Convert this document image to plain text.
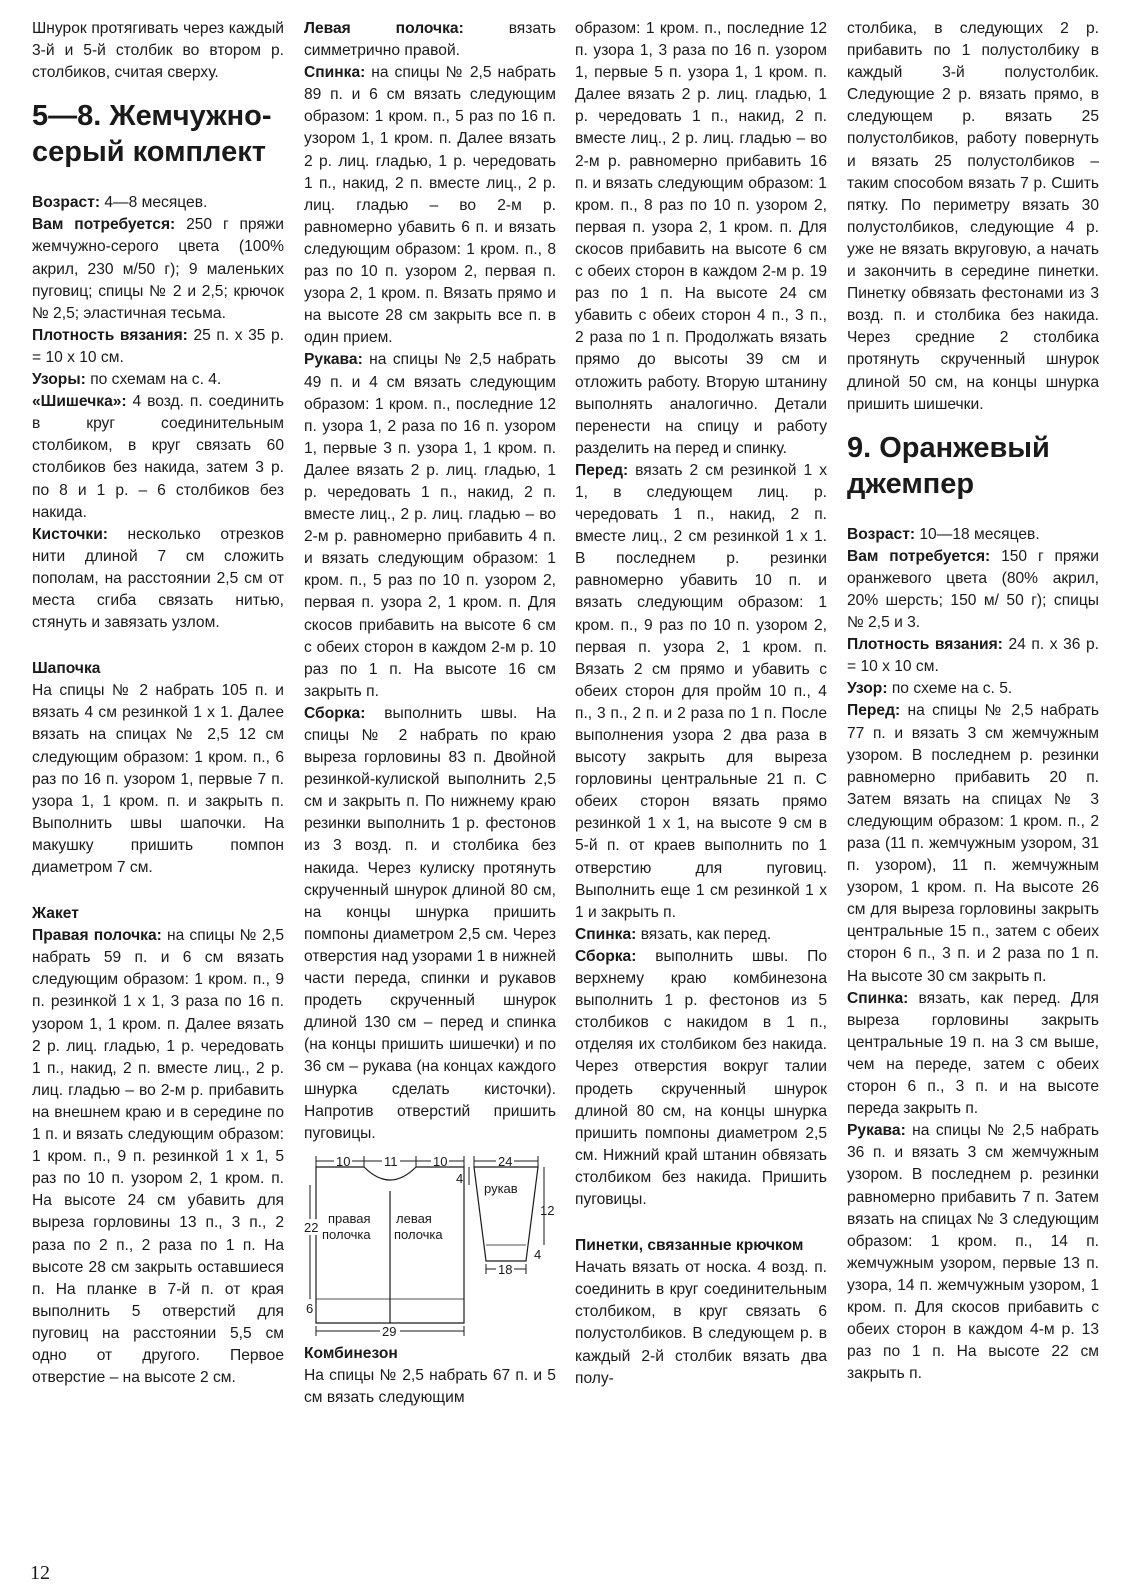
Шнурок протягивать через каждый 3-й и 5-й столбик во втором р. столбиков, считая сверху.

5—8. Жемчужно-серый комплект

Возраст: 4—8 месяцев.

Вам потребуется: 250 г пряжи жемчужно-серого цвета (100% акрил, 230 м/50 г); 9 маленьких пуговиц; спицы № 2 и 2,5; крючок № 2,5; эластичная тесьма.

Плотность вязания: 25 п. х 35 р. = 10 х 10 см.

Узоры: по схемам на с. 4.

«Шишечка»: 4 возд. п. соединить в круг соединительным столбиком, в круг связать 60 столбиков без накида, затем 3 р. по 8 и 1 р. – 6 столбиков без накида.

Кисточки: несколько отрезков нити длиной 7 см сложить пополам, на расстоянии 2,5 см от места сгиба связать нитью, стянуть и завязать узлом.

Шапочка

На спицы № 2 набрать 105 п. и вязать 4 см резинкой 1 х 1. Далее вязать на спицах № 2,5 12 см следующим образом: 1 кром. п., 6 раз по 16 п. узором 1, первые 7 п. узора 1, 1 кром. п. и закрыть п. Выполнить швы шапочки. На макушку пришить помпон диаметром 7 см.

Жакет

Правая полочка: на спицы № 2,5 набрать 59 п. и 6 см вязать следующим образом: 1 кром. п., 9 п. резинкой 1 х 1, 3 раза по 16 п. узором 1, 1 кром. п. Далее вязать 2 р. лиц. гладью, 1 р. чередовать 1 п., накид, 2 п. вместе лиц., 2 р. лиц. гладью – во 2-м р. прибавить на внешнем краю и в середине по 1 п. и вязать следующим образом: 1 кром. п., 9 п. резинкой 1 х 1, 5 раз по 10 п. узором 2, 1 кром. п. На высоте 24 см убавить для выреза горловины 13 п., 3 п., 2 раза по 2 п., 2 раза по 1 п. На высоте 28 см закрыть оставшиеся п. На планке в 7-й п. от края выполнить 5 отверстий для пуговиц на расстоянии 5,5 см одно от другого. Первое отверстие – на высоте 2 см.

Левая полочка: вязать симметрично правой.

Спинка: на спицы № 2,5 набрать 89 п. и 6 см вязать следующим образом: 1 кром. п., 5 раз по 16 п. узором 1, 1 кром. п. Далее вязать 2 р. лиц. гладью, 1 р. чередовать 1 п., накид, 2 п. вместе лиц., 2 р. лиц. гладью – во 2-м р. равномерно убавить 6 п. и вязать следующим образом: 1 кром. п., 8 раз по 10 п. узором 2, первая п. узора 2, 1 кром. п. Вязать прямо и на высоте 28 см закрыть все п. в один прием.

Рукава: на спицы № 2,5 набрать 49 п. и 4 см вязать следующим образом: 1 кром. п., последние 12 п. узора 1, 2 раза по 16 п. узором 1, первые 3 п. узора 1, 1 кром. п. Далее вязать 2 р. лиц. гладью, 1 р. чередовать 1 п., накид, 2 п. вместе лиц., 2 р. лиц. гладью – во 2-м р. равномерно прибавить 4 п. и вязать следующим образом: 1 кром. п., 5 раз по 10 п. узором 2, первая п. узора 2, 1 кром. п. Для скосов прибавить на высоте 6 см с обеих сторон в каждом 2-м р. 10 раз по 1 п. На высоте 16 см закрыть п.

Сборка: выполнить швы. На спицы № 2 набрать по краю выреза горловины 83 п. Двойной резинкой-кулиской выполнить 2,5 см и закрыть п. По нижнему краю резинки выполнить 1 р. фестонов из 3 возд. п. и столбика без накида. Через кулиску протянуть скрученный шнурок длиной 80 см, на концы шнурка пришить помпоны диаметром 2,5 см. Через отверстия над узорами 1 в нижней части переда, спинки и рукавов продеть скрученный шнурок длиной 130 см – перед и спинка (на концы пришить шишечки) и по 36 см – рукава (на концах каждого шнурка сделать кисточки). Напротив отверстий пришить пуговицы.

10	11	10
4
22
6
правая
полочка
левая
полочка
29
24
рукав
12
4
18

Комбинезон

На спицы № 2,5 набрать 67 п. и 5 см вязать следующим

образом: 1 кром. п., последние 12 п. узора 1, 3 раза по 16 п. узором 1, первые 5 п. узора 1, 1 кром. п. Далее вязать 2 р. лиц. гладью, 1 р. чередовать 1 п., накид, 2 п. вместе лиц., 2 р. лиц. гладью – во 2-м р. равномерно прибавить 16 п. и вязать следующим образом: 1 кром. п., 8 раз по 10 п. узором 2, первая п. узора 2, 1 кром. п. Для скосов прибавить на высоте 6 см с обеих сторон в каждом 2-м р. 19 раз по 1 п. На высоте 24 см убавить с обеих сторон 4 п., 3 п., 2 раза по 1 п. Продолжать вязать прямо до высоты 39 см и отложить работу. Вторую штанину выполнять аналогично. Детали перенести на спицу и работу разделить на перед и спинку.

Перед: вязать 2 см резинкой 1 х 1, в следующем лиц. р. чередовать 1 п., накид, 2 п. вместе лиц., 2 см резинкой 1 х 1. В последнем р. резинки равномерно убавить 10 п. и вязать следующим образом: 1 кром. п., 9 раз по 10 п. узором 2, первая п. узора 2, 1 кром. п. Вязать 2 см прямо и убавить с обеих сторон для пройм 10 п., 4 п., 3 п., 2 п. и 2 раза по 1 п. После выполнения узора 2 два раза в высоту закрыть для выреза горловины центральные 21 п. С обеих сторон вязать прямо резинкой 1 х 1, на высоте 9 см в 5-й п. от краев выполнить по 1 отверстию для пуговиц. Выполнить еще 1 см резинкой 1 х 1 и закрыть п.

Спинка: вязать, как перед.

Сборка: выполнить швы. По верхнему краю комбинезона выполнить 1 р. фестонов из 5 столбиков с накидом в 1 п., отделяя их столбиком без накида. Через отверстия вокруг талии продеть скрученный шнурок длиной 80 см, на концы шнурка пришить помпоны диаметром 2,5 см. Нижний край штанин обвязать столбиком без накида. Пришить пуговицы.

Пинетки, связанные крючком

Начать вязать от носка. 4 возд. п. соединить в круг соединительным столбиком, в круг связать 6 полустолбиков. В следующем р. в каждый 2-й столбик вязать два полу-

столбика, в следующих 2 р. прибавить по 1 полустолбику в каждый 3-й полустолбик. Следующие 2 р. вязать прямо, в следующем р. вязать 25 полустолбиков, работу повернуть и вязать 25 полустолбиков – таким способом вязать 7 р. Сшить пятку. По периметру вязать 30 полустолбиков, следующие 4 р. уже не вязать вкруговую, а начать и закончить в середине пинетки. Пинетку обвязать фестонами из 3 возд. п. и столбика без накида. Через средние 2 столбика протянуть скрученный шнурок длиной 50 см, на концы шнурка пришить шишечки.

9. Оранжевый джемпер

Возраст: 10—18 месяцев.

Вам потребуется: 150 г пряжи оранжевого цвета (80% акрил, 20% шерсть; 150 м/ 50 г); спицы № 2,5 и 3.

Плотность вязания: 24 п. х 36 р. = 10 х 10 см.

Узор: по схеме на с. 5.

Перед: на спицы № 2,5 набрать 77 п. и вязать 3 см жемчужным узором. В последнем р. резинки равномерно прибавить 20 п. Затем вязать на спицах № 3 следующим образом: 1 кром. п., 2 раза (11 п. жемчужным узором, 31 п. узором), 11 п. жемчужным узором, 1 кром. п. На высоте 26 см для выреза горловины закрыть центральные 15 п., затем с обеих сторон 6 п., 3 п. и 2 раза по 1 п. На высоте 30 см закрыть п.

Спинка: вязать, как перед. Для выреза горловины закрыть центральные 19 п. на 3 см выше, чем на переде, затем с обеих сторон 6 п., 3 п. и на высоте переда закрыть п.

Рукава: на спицы № 2,5 набрать 36 п. и вязать 3 см жемчужным узором. В последнем р. резинки равномерно прибавить 7 п. Затем вязать на спицах № 3 следующим образом: 1 кром. п., 14 п. жемчужным узором, первые 13 п. узора, 14 п. жемчужным узором, 1 кром. п. Для скосов прибавить с обеих сторон в каждом 4-м р. 13 раз по 1 п. На высоте 22 см закрыть п.

12
